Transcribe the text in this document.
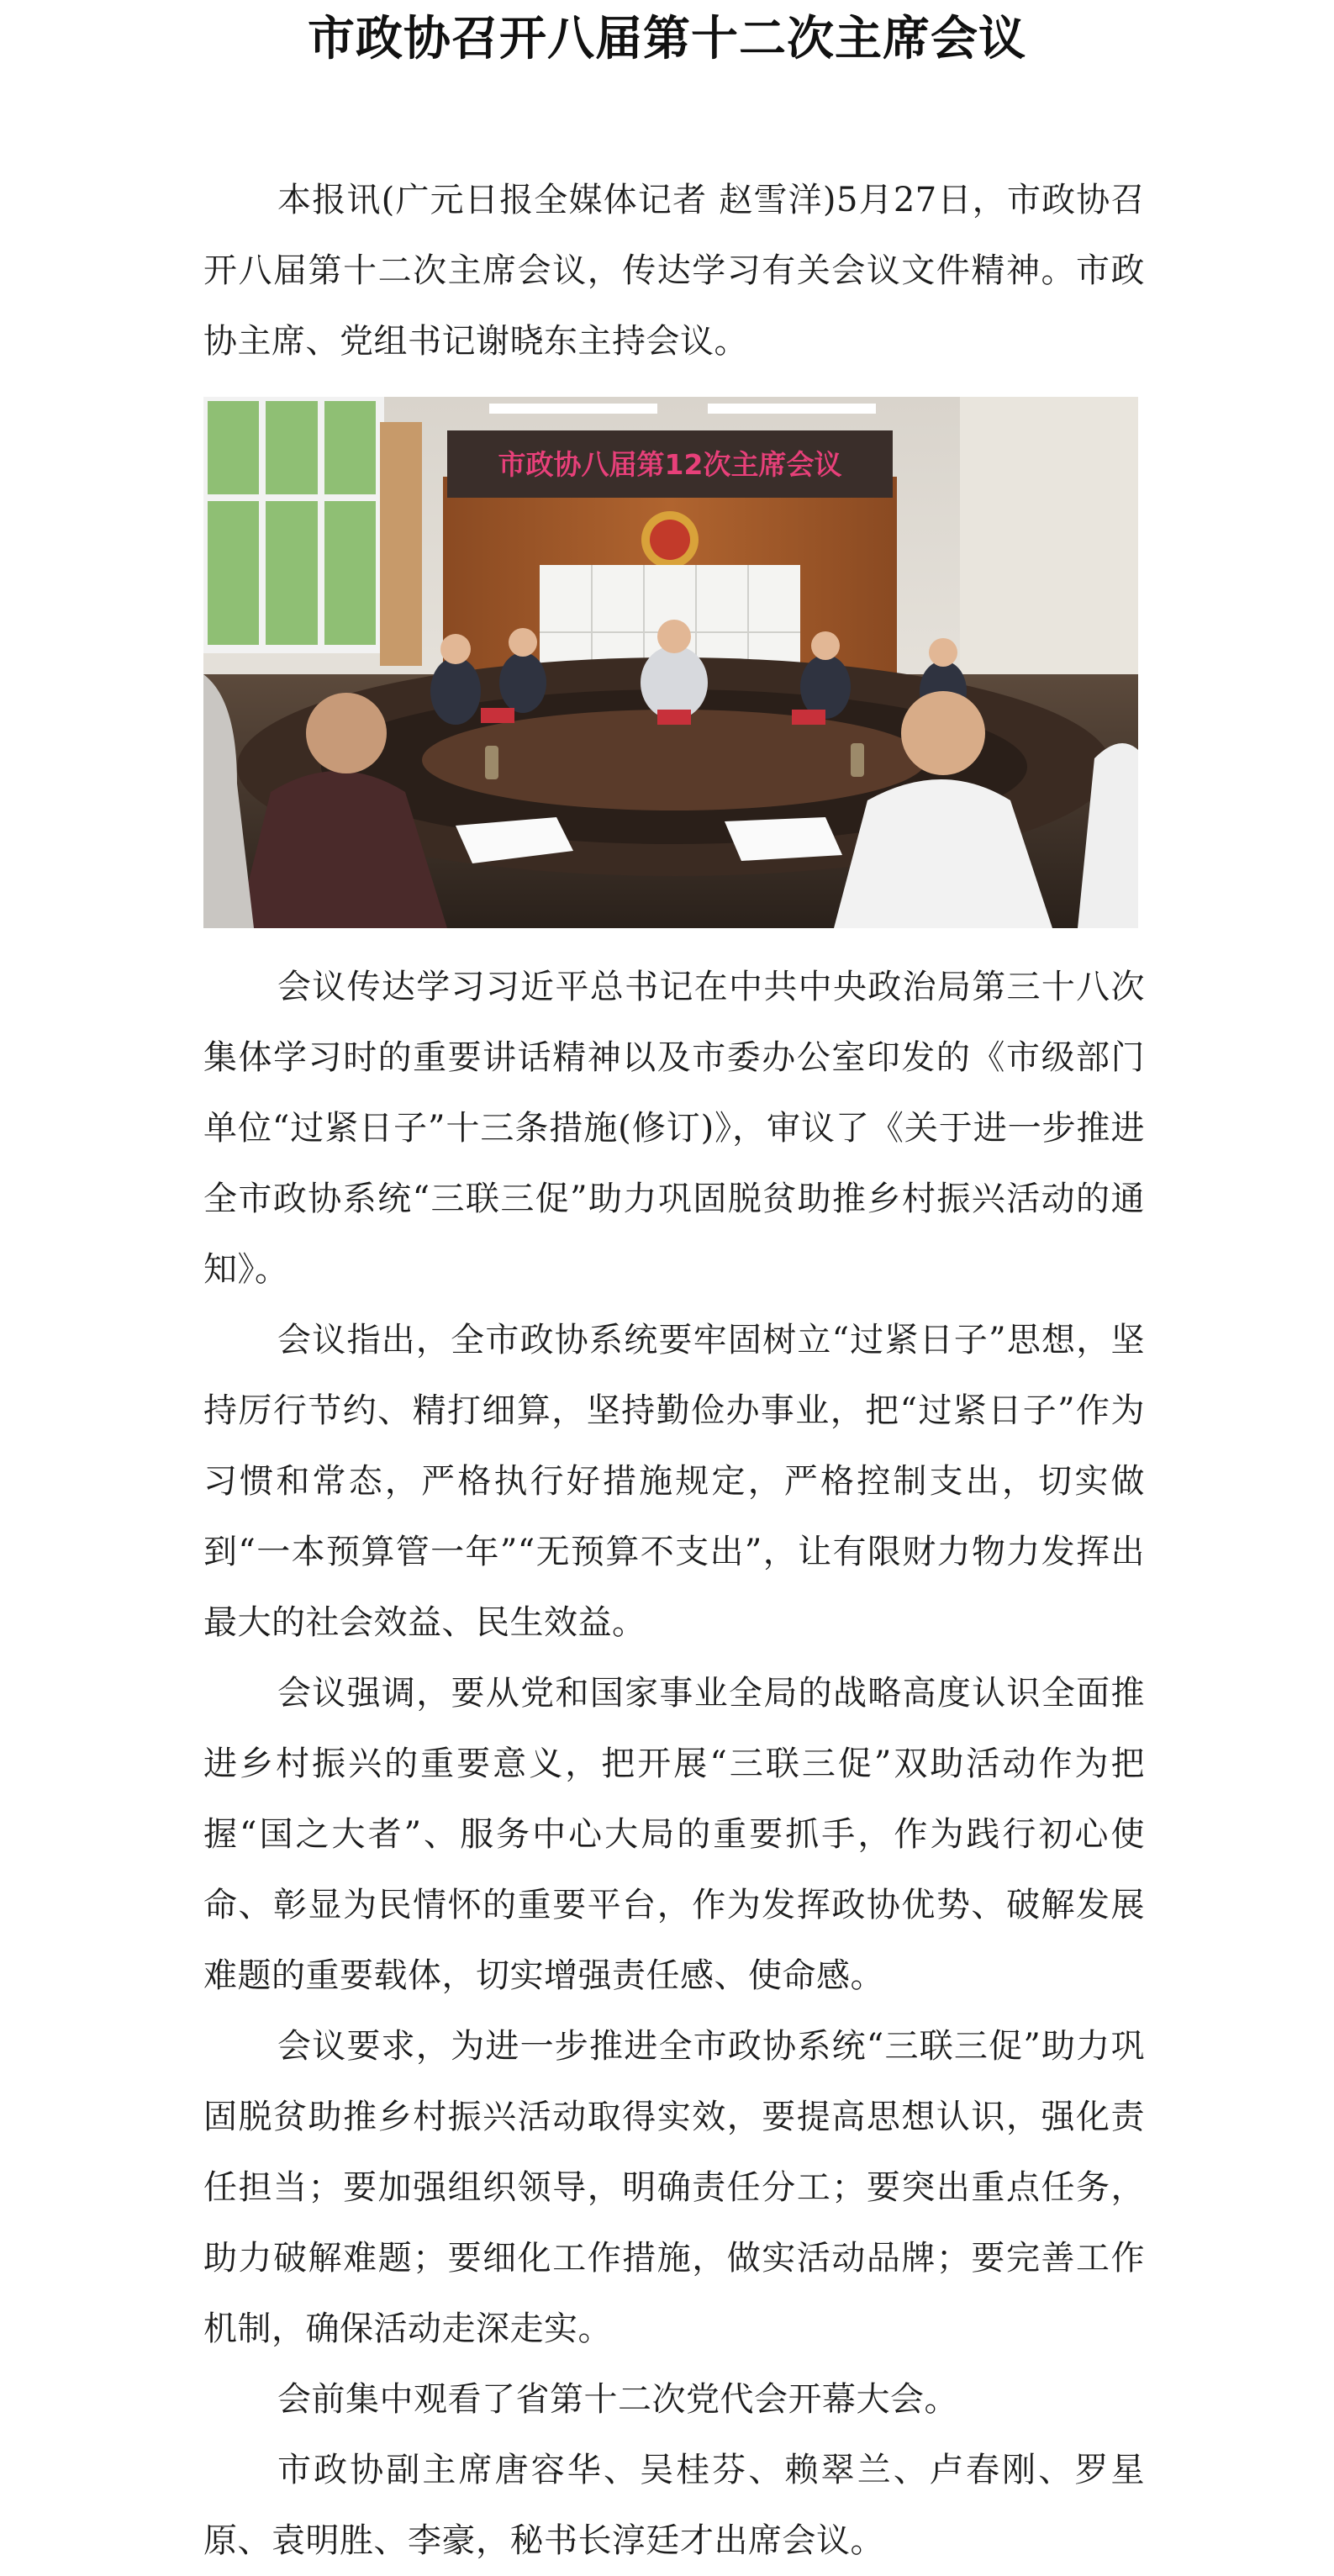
市政协召开八届第十二次主席会议

本报讯(广元日报全媒体记者 赵雪洋)5月27日，市政协召开八届第十二次主席会议，传达学习有关会议文件精神。市政协主席、党组书记谢晓东主持会议。

市政协八届第12次主席会议

会议传达学习习近平总书记在中共中央政治局第三十八次集体学习时的重要讲话精神以及市委办公室印发的《市级部门单位“过紧日子”十三条措施(修订)》，审议了《关于进一步推进全市政协系统“三联三促”助力巩固脱贫助推乡村振兴活动的通知》。

会议指出，全市政协系统要牢固树立“过紧日子”思想，坚持厉行节约、精打细算，坚持勤俭办事业，把“过紧日子”作为习惯和常态，严格执行好措施规定，严格控制支出，切实做到“一本预算管一年”“无预算不支出”，让有限财力物力发挥出最大的社会效益、民生效益。

会议强调，要从党和国家事业全局的战略高度认识全面推进乡村振兴的重要意义，把开展“三联三促”双助活动作为把握“国之大者”、服务中心大局的重要抓手，作为践行初心使命、彰显为民情怀的重要平台，作为发挥政协优势、破解发展难题的重要载体，切实增强责任感、使命感。

会议要求，为进一步推进全市政协系统“三联三促”助力巩固脱贫助推乡村振兴活动取得实效，要提高思想认识，强化责任担当；要加强组织领导，明确责任分工；要突出重点任务，助力破解难题；要细化工作措施，做实活动品牌；要完善工作机制，确保活动走深走实。

会前集中观看了省第十二次党代会开幕大会。

市政协副主席唐容华、吴桂芬、赖翠兰、卢春刚、罗星原、袁明胜、李豪，秘书长淳廷才出席会议。
